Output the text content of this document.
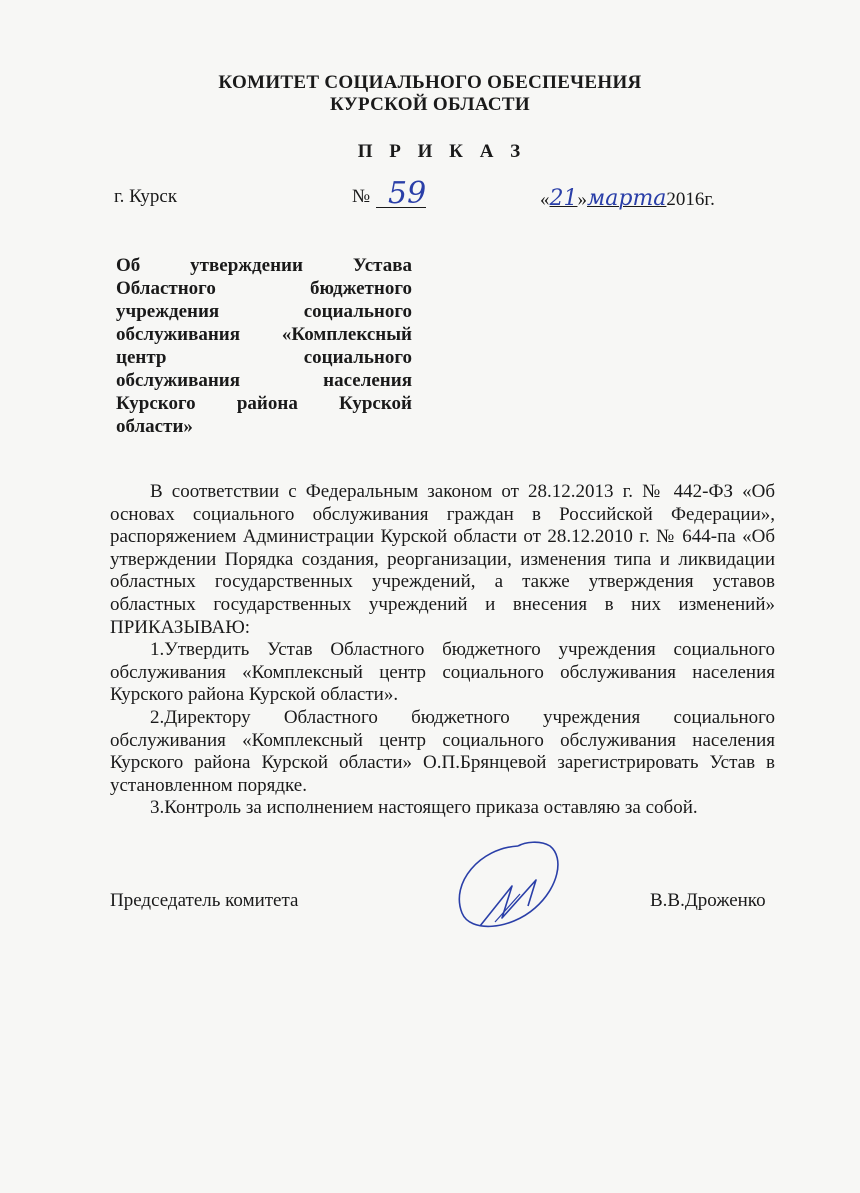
КОМИТЕТ СОЦИАЛЬНОГО ОБЕСПЕЧЕНИЯ
КУРСКОЙ ОБЛАСТИ
П Р И К А З
г. Курск	№ 59	«21»марта2016г.
Об утверждении Устава
Областного бюджетного
учреждения социального
обслуживания «Комплексный
центр социального
обслуживания населения
Курского района Курской
области»

В соответствии с Федеральным законом от 28.12.2013 г. № 442-ФЗ «Об основах социального обслуживания граждан в Российской Федерации», распоряжением Администрации Курской области от 28.12.2010 г. № 644-па «Об утверждении Порядка создания, реорганизации, изменения типа и ликвидации областных государственных учреждений, а также утверждения уставов областных государственных учреждений и внесения в них изменений» ПРИКАЗЫВАЮ:

1.Утвердить Устав Областного бюджетного учреждения социального обслуживания «Комплексный центр социального обслуживания населения Курского района Курской области».

2.Директору Областного бюджетного учреждения социального обслуживания «Комплексный центр социального обслуживания населения Курского района Курской области» О.П.Брянцевой зарегистрировать Устав в установленном порядке.

3.Контроль за исполнением настоящего приказа оставляю за собой.

Председатель комитета	В.В.Дроженко
